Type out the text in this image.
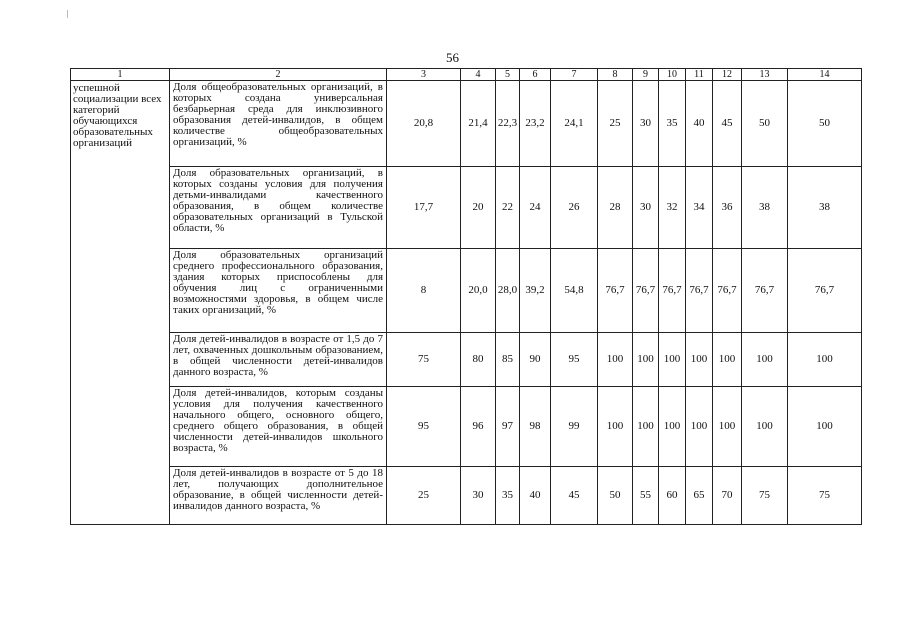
56
1	2	3	4	5	6	7	8	9	10	11	12	13	14
успешной социализации всех категорий обучающихся образовательных организаций	Доля общеобразовательных организаций, в которых создана универсальная безбарьерная среда для инклюзивного образования детей-инвалидов, в общем количестве общеобразовательных организаций, %	20,8	21,4	22,3	23,2	24,1	25	30	35	40	45	50	50
	Доля образовательных организаций, в которых созданы условия для получения детьми-инвалидами качественного образования, в общем количестве образовательных организаций в Тульской области, %	17,7	20	22	24	26	28	30	32	34	36	38	38
	Доля образовательных организаций среднего профессионального образования, здания которых приспособлены для обучения лиц с ограниченными возможностями здоровья, в общем числе таких организаций, %	8	20,0	28,0	39,2	54,8	76,7	76,7	76,7	76,7	76,7	76,7	76,7
	Доля детей-инвалидов в возрасте от 1,5 до 7 лет, охваченных дошкольным образованием, в общей численности детей-инвалидов данного возраста, %	75	80	85	90	95	100	100	100	100	100	100	100
	Доля детей-инвалидов, которым созданы условия для получения качественного начального общего, основного общего, среднего общего образования, в общей численности детей-инвалидов школьного возраста, %	95	96	97	98	99	100	100	100	100	100	100	100
	Доля детей-инвалидов в возрасте от 5 до 18 лет, получающих дополнительное образование, в общей численности детей-инвалидов данного возраста, %	25	30	35	40	45	50	55	60	65	70	75	75
